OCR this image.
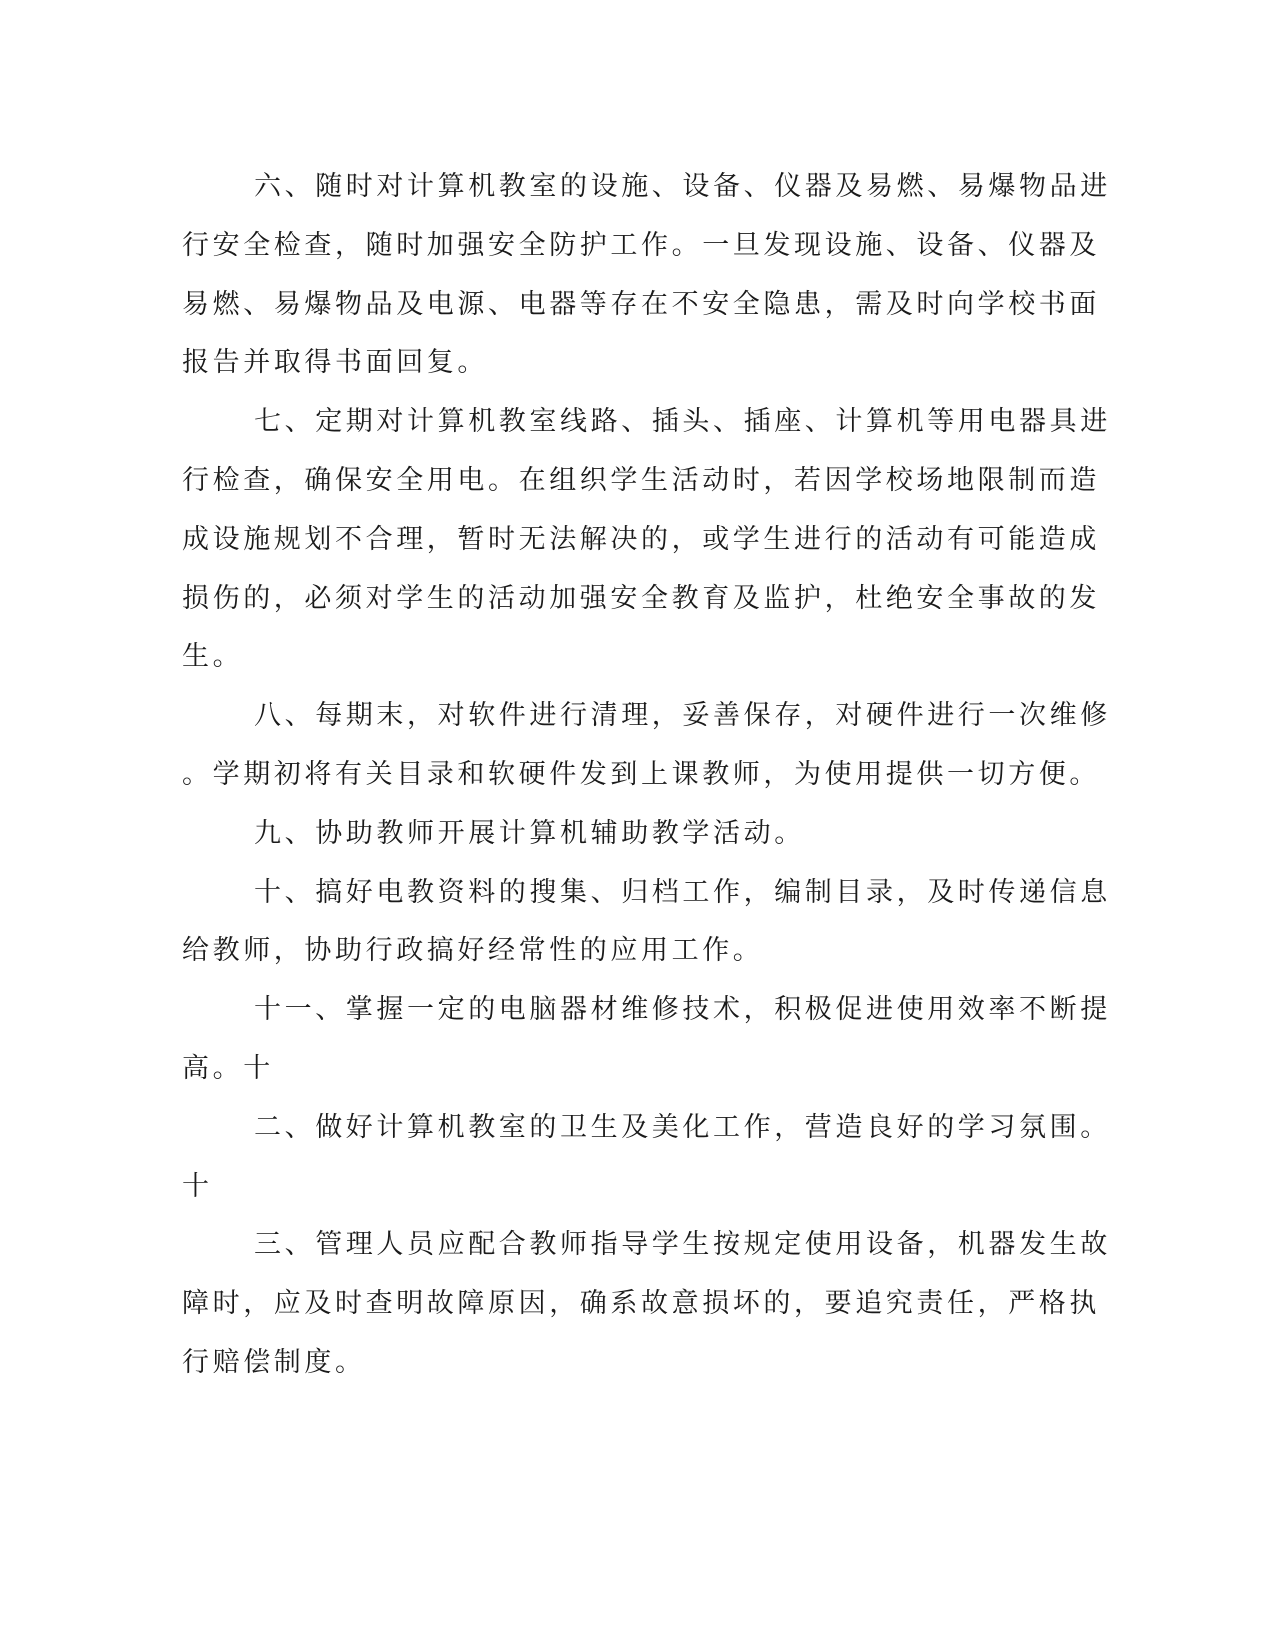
六、随时对计算机教室的设施、设备、仪器及易燃、易爆物品进
行安全检查，随时加强安全防护工作。一旦发现设施、设备、仪器及
易燃、易爆物品及电源、电器等存在不安全隐患，需及时向学校书面
报告并取得书面回复。
七、定期对计算机教室线路、插头、插座、计算机等用电器具进
行检查，确保安全用电。在组织学生活动时，若因学校场地限制而造
成设施规划不合理，暂时无法解决的，或学生进行的活动有可能造成
损伤的，必须对学生的活动加强安全教育及监护，杜绝安全事故的发
生。
八、每期末，对软件进行清理，妥善保存，对硬件进行一次维修
。学期初将有关目录和软硬件发到上课教师，为使用提供一切方便。
九、协助教师开展计算机辅助教学活动。
十、搞好电教资料的搜集、归档工作，编制目录，及时传递信息
给教师，协助行政搞好经常性的应用工作。
十一、掌握一定的电脑器材维修技术，积极促进使用效率不断提
高。十
二、做好计算机教室的卫生及美化工作，营造良好的学习氛围。
十
三、管理人员应配合教师指导学生按规定使用设备，机器发生故
障时，应及时查明故障原因，确系故意损坏的，要追究责任，严格执
行赔偿制度。
